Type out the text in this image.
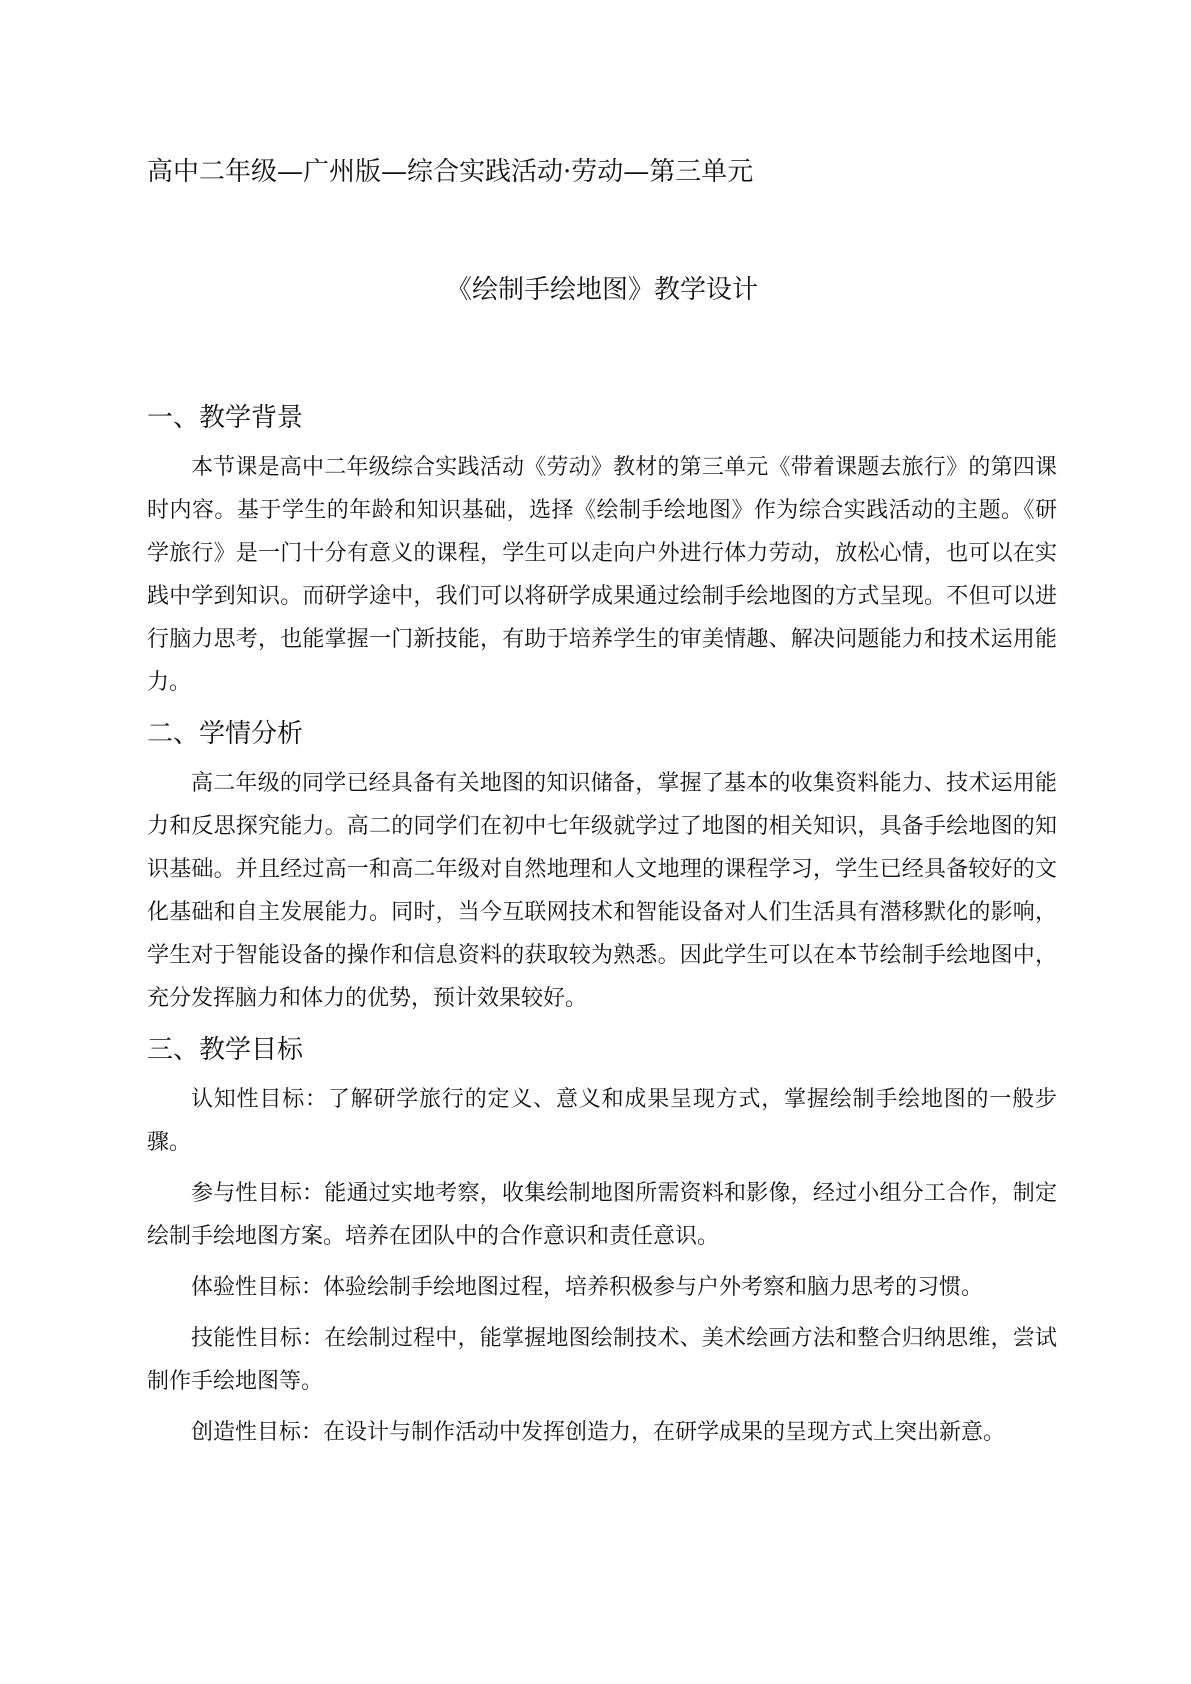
高中二年级—广州版—综合实践活动·劳动—第三单元
《绘制手绘地图》教学设计
一、教学背景

本节课是高中二年级综合实践活动《劳动》教材的第三单元《带着课题去旅行》的第四课时内容。基于学生的年龄和知识基础，选择《绘制手绘地图》作为综合实践活动的主题。《研学旅行》是一门十分有意义的课程，学生可以走向户外进行体力劳动，放松心情，也可以在实践中学到知识。而研学途中，我们可以将研学成果通过绘制手绘地图的方式呈现。不但可以进行脑力思考，也能掌握一门新技能，有助于培养学生的审美情趣、解决问题能力和技术运用能力。

二、学情分析

高二年级的同学已经具备有关地图的知识储备，掌握了基本的收集资料能力、技术运用能力和反思探究能力。高二的同学们在初中七年级就学过了地图的相关知识，具备手绘地图的知识基础。并且经过高一和高二年级对自然地理和人文地理的课程学习，学生已经具备较好的文化基础和自主发展能力。同时，当今互联网技术和智能设备对人们生活具有潜移默化的影响，学生对于智能设备的操作和信息资料的获取较为熟悉。因此学生可以在本节绘制手绘地图中，充分发挥脑力和体力的优势，预计效果较好。

三、教学目标

认知性目标：了解研学旅行的定义、意义和成果呈现方式，掌握绘制手绘地图的一般步骤。

参与性目标：能通过实地考察，收集绘制地图所需资料和影像，经过小组分工合作，制定绘制手绘地图方案。培养在团队中的合作意识和责任意识。

体验性目标：体验绘制手绘地图过程，培养积极参与户外考察和脑力思考的习惯。

技能性目标：在绘制过程中，能掌握地图绘制技术、美术绘画方法和整合归纳思维，尝试制作手绘地图等。

创造性目标：在设计与制作活动中发挥创造力，在研学成果的呈现方式上突出新意。
